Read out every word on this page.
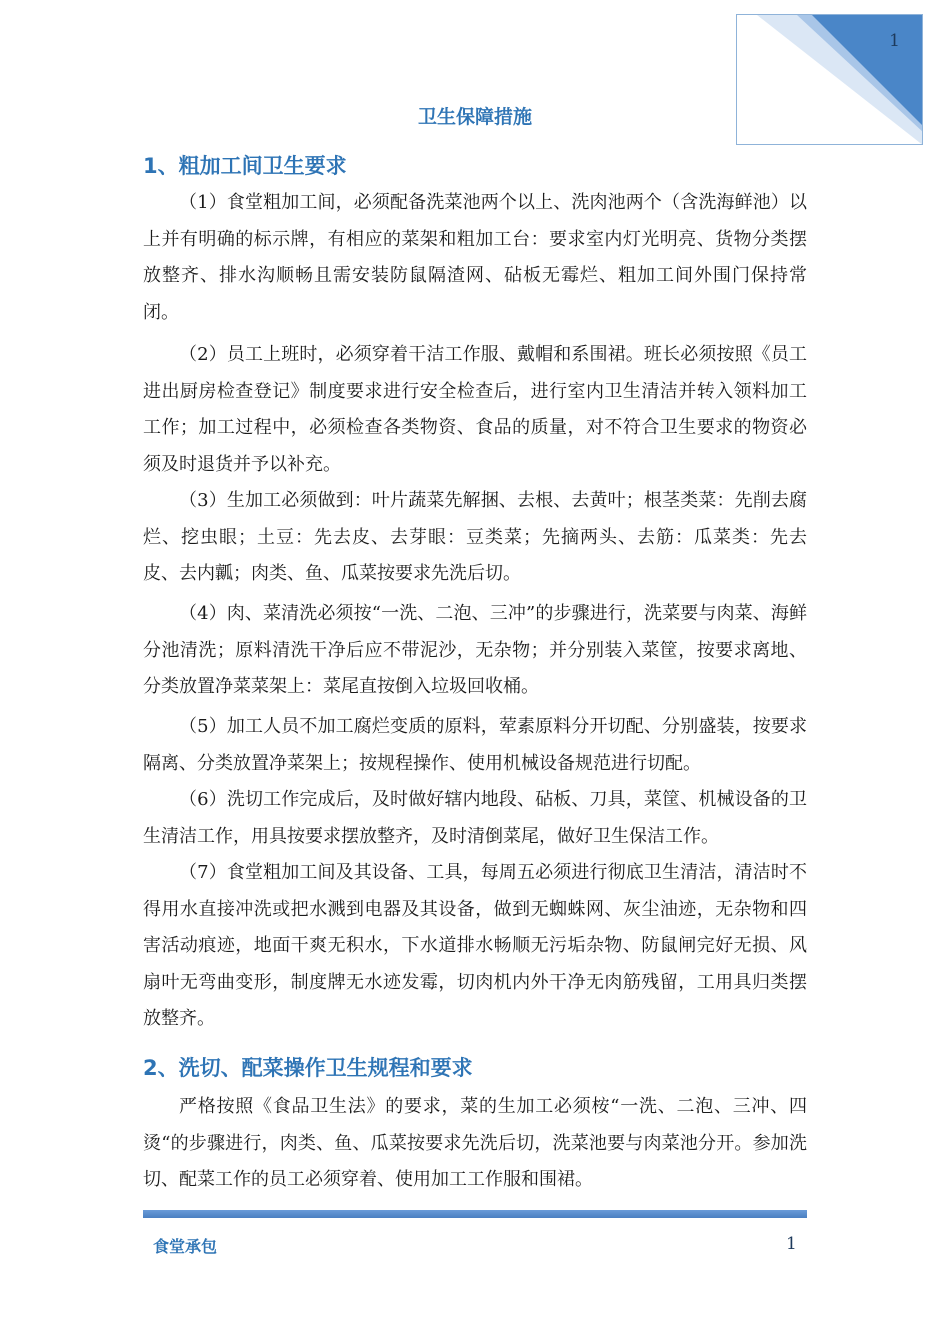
1
卫生保障措施
1、粗加工间卫生要求

（1）食堂粗加工间，必须配备洗菜池两个以上、洗肉池两个（含洗海鲜池）以上并有明确的标示牌，有相应的菜架和粗加工台：要求室内灯光明亮、货物分类摆放整齐、排水沟顺畅且需安装防鼠隔渣网、砧板无霉烂、粗加工间外围门保持常闭。

（2）员工上班时，必须穿着干洁工作服、戴帽和系围裙。班长必须按照《员工进出厨房检查登记》制度要求进行安全检查后，进行室内卫生清洁并转入领料加工工作；加工过程中，必须检查各类物资、食品的质量，对不符合卫生要求的物资必须及时退货并予以补充。

（3）生加工必须做到：叶片蔬菜先解捆、去根、去黄叶；根茎类菜：先削去腐烂、挖虫眼；土豆：先去皮、去芽眼：豆类菜；先摘两头、去筋：瓜菜类：先去皮、去内瓤；肉类、鱼、瓜菜按要求先洗后切。

（4）肉、菜清洗必须按“一洗、二泡、三冲”的步骤进行，洗菜要与肉菜、海鲜分池清洗；原料清洗干净后应不带泥沙，无杂物；并分别装入菜筐，按要求离地、分类放置净菜菜架上：菜尾直按倒入垃圾回收桶。

（5）加工人员不加工腐烂变质的原料，荤素原料分开切配、分别盛装，按要求隔离、分类放置净菜架上；按规程操作、使用机械设备规范进行切配。

（6）洗切工作完成后，及时做好辖内地段、砧板、刀具，菜筐、机械设备的卫生清洁工作，用具按要求摆放整齐，及时清倒菜尾，做好卫生保洁工作。

（7）食堂粗加工间及其设备、工具，每周五必须进行彻底卫生清洁，清洁时不得用水直接冲洗或把水溅到电器及其设备，做到无蜘蛛网、灰尘油迹，无杂物和四害活动痕迹，地面干爽无积水，下水道排水畅顺无污垢杂物、防鼠闸完好无损、风扇叶无弯曲变形，制度牌无水迹发霉，切肉机内外干净无肉筋残留，工用具归类摆放整齐。

2、洗切、配菜操作卫生规程和要求

严格按照《食品卫生法》的要求，菜的生加工必须桉“一洗、二泡、三冲、四烫“的步骤进行，肉类、鱼、瓜菜按要求先洗后切，洗菜池要与肉菜池分开。参加洗切、配菜工作的员工必须穿着、使用加工工作服和围裙。

食堂承包	1
